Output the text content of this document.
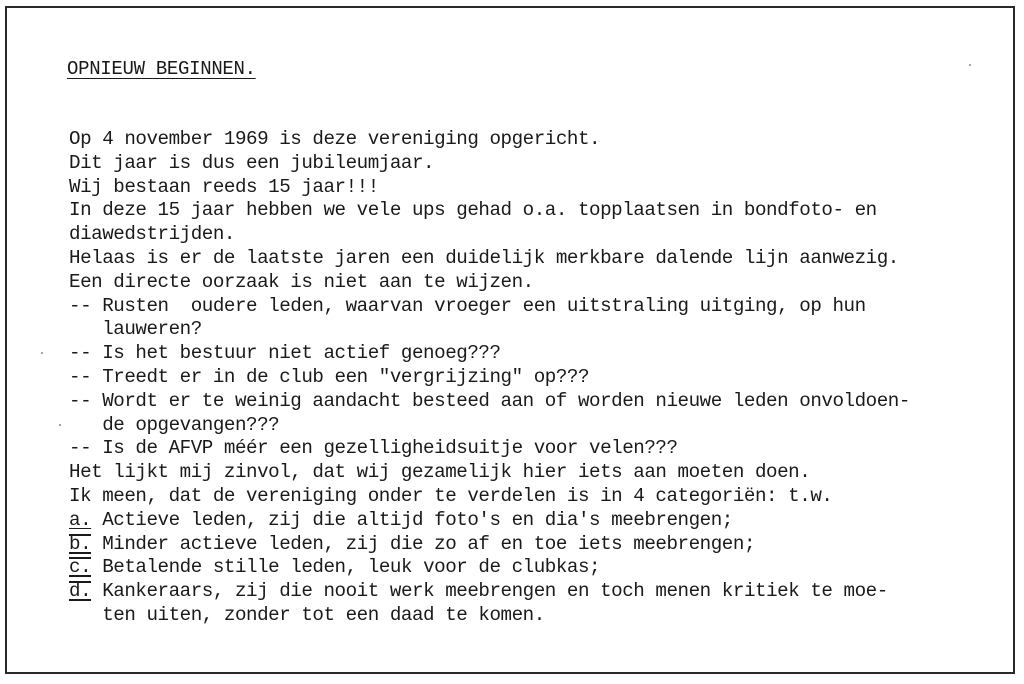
OPNIEUW BEGINNEN.
Op 4 november 1969 is deze vereniging opgericht.
Dit jaar is dus een jubileumjaar.
Wij bestaan reeds 15 jaar!!!
In deze 15 jaar hebben we vele ups gehad o.a. topplaatsen in bondfoto- en
diawedstrijden.
Helaas is er de laatste jaren een duidelijk merkbare dalende lijn aanwezig.
Een directe oorzaak is niet aan te wijzen.
-- Rusten  oudere leden, waarvan vroeger een uitstraling uitging, op hun
lauweren?
-- Is het bestuur niet actief genoeg???
-- Treedt er in de club een "vergrijzing" op???
-- Wordt er te weinig aandacht besteed aan of worden nieuwe leden onvoldoen-
de opgevangen???
-- Is de AFVP méér een gezelligheidsuitje voor velen???
Het lijkt mij zinvol, dat wij gezamelijk hier iets aan moeten doen.
Ik meen, dat de vereniging onder te verdelen is in 4 categoriën: t.w.
a. Actieve leden, zij die altijd foto's en dia's meebrengen;
b. Minder actieve leden, zij die zo af en toe iets meebrengen;
c. Betalende stille leden, leuk voor de clubkas;
d. Kankeraars, zij die nooit werk meebrengen en toch menen kritiek te moe-
ten uiten, zonder tot een daad te komen.
